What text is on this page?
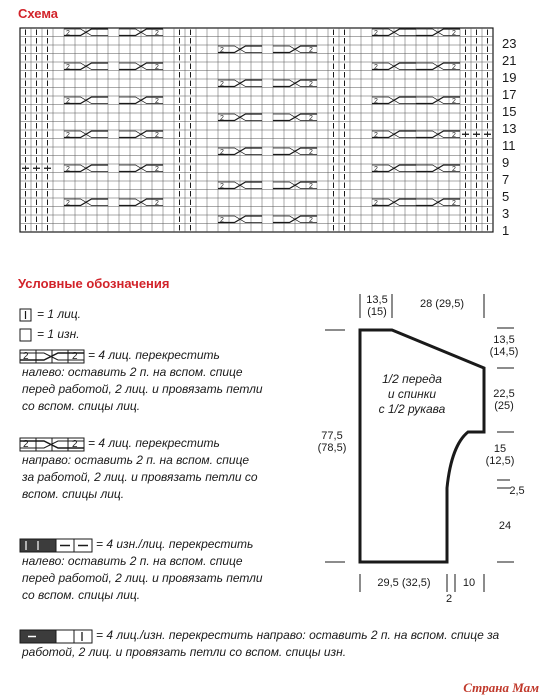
Схема
Условные обозначения
2	2	2	2
2	2
2	2	2	2
2	2
2	2	2	2
2	2
2	2	2	2
2	2
2	2	2	2
2	2
2	2	2	2
2	2
23
21
19
17
15
13
11
9
7
5
3
1
2	2
2	2
= 1 лиц.
= 1 изн.
= 4 лиц. перекрестить налево: оставить 2 п. на вспом. спице перед работой, 2 лиц. и провязать петли со вспом. спицы лиц.
= 4 лиц. перекрестить направо: оставить 2 п. на вспом. спице за работой, 2 лиц. и провязать петли со вспом. спицы лиц.
= 4 изн./лиц. перекрестить налево: оставить 2 п. на вспом. спице перед работой, 2 лиц. и провязать петли со вспом. спицы лиц.
= 4 лиц./изн. перекрестить направо: оставить 2 п. на вспом. спице за работой, 2 лиц. и провязать петли со вспом. спицы изн.
1/2 переда
и спинки
с 1/2 рукава
13,5
(15)
28 (29,5)
13,5
(14,5)
22,5
(25)
15
(12,5)
2,5
24
77,5
(78,5)
29,5 (32,5)	10
2
Страна Мам
